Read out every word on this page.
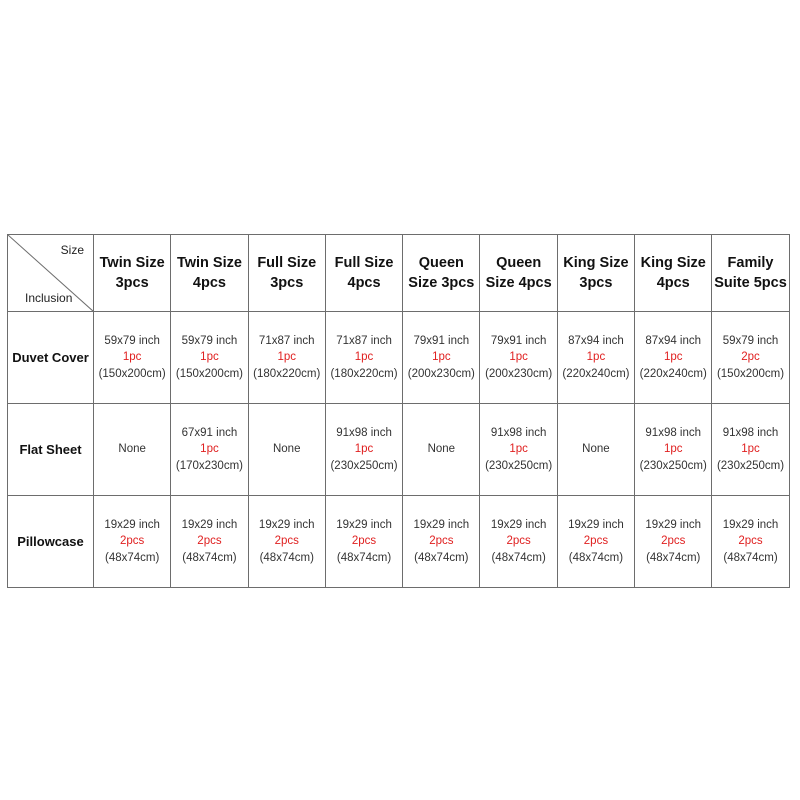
Size
Inclusion	Twin Size
3pcs	Twin Size
4pcs	Full Size
3pcs	Full Size
4pcs	Queen
Size 3pcs	Queen
Size 4pcs	King Size
3pcs	King Size
4pcs	Family
Suite 5pcs

Duvet Cover	59x79 inch
1pc
(150x200cm)	59x79 inch
1pc
(150x200cm)	71x87 inch
1pc
(180x220cm)	71x87 inch
1pc
(180x220cm)	79x91 inch
1pc
(200x230cm)	79x91 inch
1pc
(200x230cm)	87x94 inch
1pc
(220x240cm)	87x94 inch
1pc
(220x240cm)	59x79 inch
2pc
(150x200cm)

Flat Sheet	None	67x91 inch
1pc
(170x230cm)	None	91x98 inch
1pc
(230x250cm)	None	91x98 inch
1pc
(230x250cm)	None	91x98 inch
1pc
(230x250cm)	91x98 inch
1pc
(230x250cm)

Pillowcase	19x29 inch
2pcs
(48x74cm)	19x29 inch
2pcs
(48x74cm)	19x29 inch
2pcs
(48x74cm)	19x29 inch
2pcs
(48x74cm)	19x29 inch
2pcs
(48x74cm)	19x29 inch
2pcs
(48x74cm)	19x29 inch
2pcs
(48x74cm)	19x29 inch
2pcs
(48x74cm)	19x29 inch
2pcs
(48x74cm)
